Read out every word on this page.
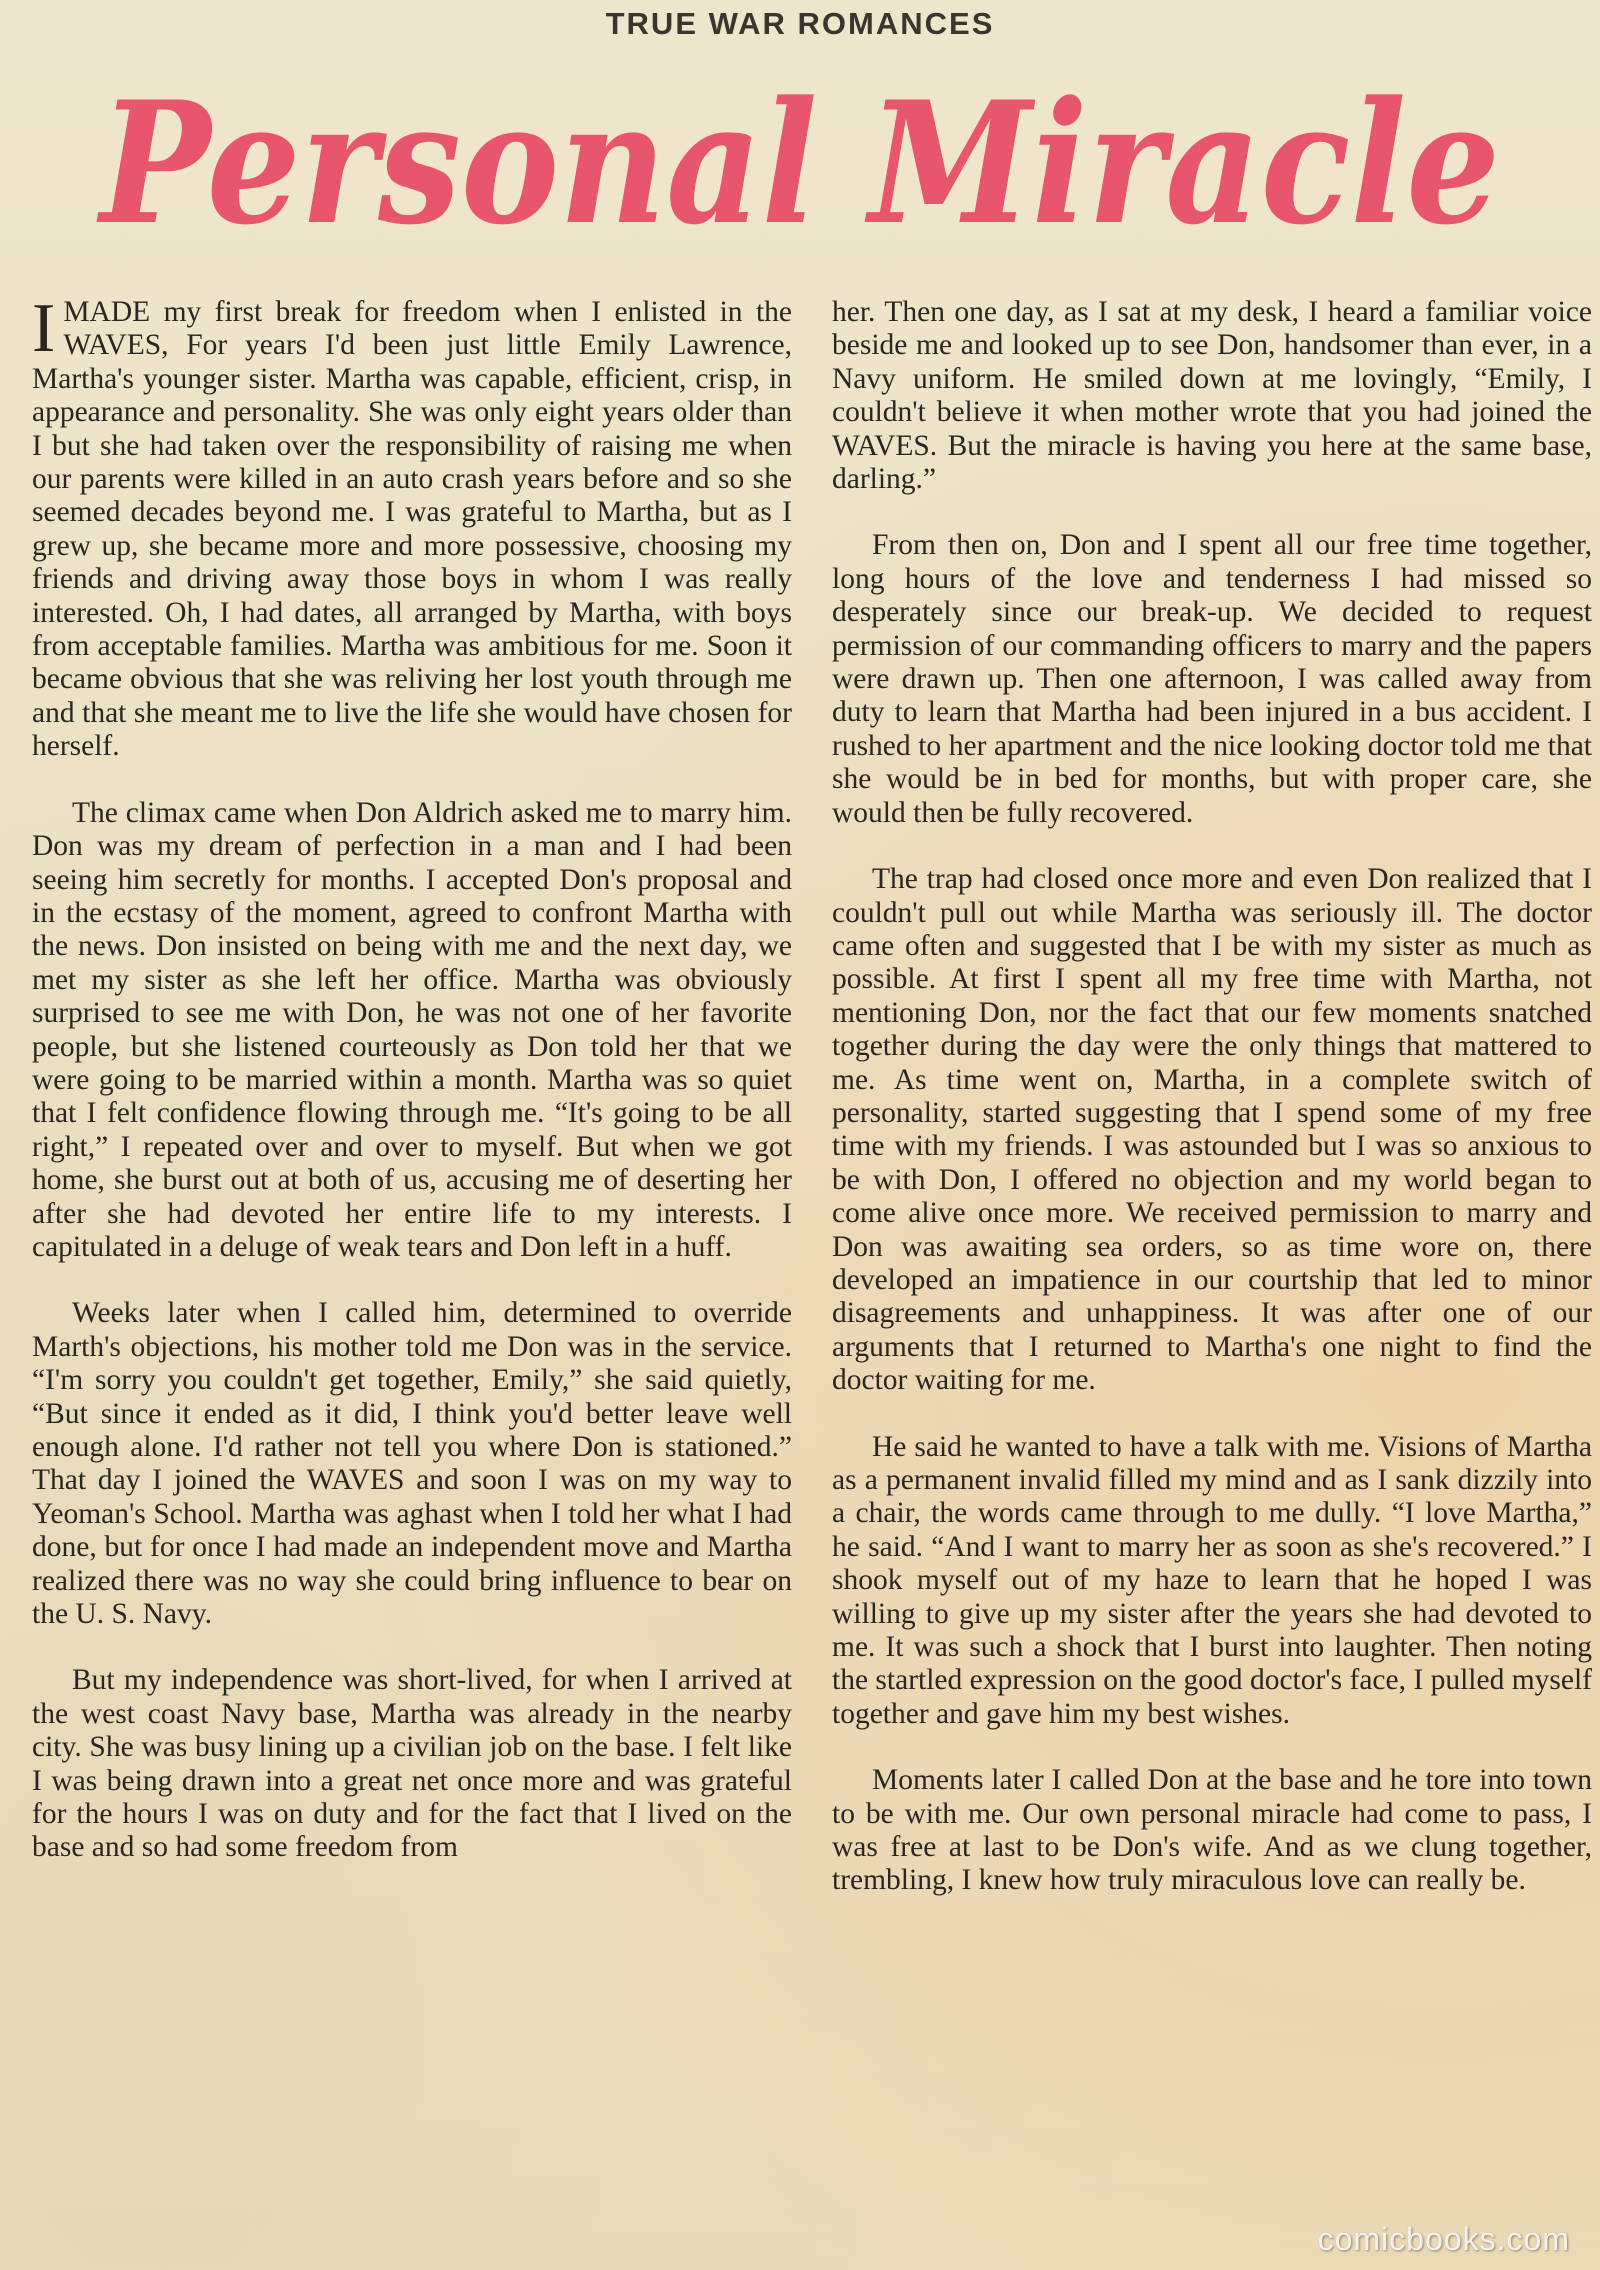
TRUE WAR ROMANCES
Personal Miracle

I MADE my first break for freedom when I enlisted in the WAVES, For years I'd been just little Emily Lawrence, Martha's younger sister. Martha was capable, efficient, crisp, in appearance and personality. She was only eight years older than I but she had taken over the responsibility of raising me when our parents were killed in an auto crash years before and so she seemed decades beyond me. I was grateful to Martha, but as I grew up, she became more and more possessive, choosing my friends and driving away those boys in whom I was really interested. Oh, I had dates, all arranged by Martha, with boys from acceptable families. Martha was ambitious for me. Soon it became obvious that she was reliving her lost youth through me and that she meant me to live the life she would have chosen for herself.

The climax came when Don Aldrich asked me to marry him. Don was my dream of perfection in a man and I had been seeing him secretly for months. I accepted Don's proposal and in the ecstasy of the moment, agreed to confront Martha with the news. Don insisted on being with me and the next day, we met my sister as she left her office. Martha was obviously surprised to see me with Don, he was not one of her favorite people, but she listened courteously as Don told her that we were going to be married within a month. Martha was so quiet that I felt confidence flowing through me. “It's going to be all right,” I repeated over and over to myself. But when we got home, she burst out at both of us, accusing me of deserting her after she had devoted her entire life to my interests. I capitulated in a deluge of weak tears and Don left in a huff.

Weeks later when I called him, determined to override Marth's objections, his mother told me Don was in the service. “I'm sorry you couldn't get together, Emily,” she said quietly, “But since it ended as it did, I think you'd better leave well enough alone. I'd rather not tell you where Don is stationed.” That day I joined the WAVES and soon I was on my way to Yeoman's School. Martha was aghast when I told her what I had done, but for once I had made an independent move and Martha realized there was no way she could bring influence to bear on the U. S. Navy.

But my independence was short-lived, for when I arrived at the west coast Navy base, Martha was already in the nearby city. She was busy lining up a civilian job on the base. I felt like I was being drawn into a great net once more and was grateful for the hours I was on duty and for the fact that I lived on the base and so had some freedom from

her. Then one day, as I sat at my desk, I heard a familiar voice beside me and looked up to see Don, handsomer than ever, in a Navy uniform. He smiled down at me lovingly, “Emily, I couldn't believe it when mother wrote that you had joined the WAVES. But the miracle is having you here at the same base, darling.”

From then on, Don and I spent all our free time together, long hours of the love and tenderness I had missed so desperately since our break-up. We decided to request permission of our commanding officers to marry and the papers were drawn up. Then one afternoon, I was called away from duty to learn that Martha had been injured in a bus accident. I rushed to her apartment and the nice looking doctor told me that she would be in bed for months, but with proper care, she would then be fully recovered.

The trap had closed once more and even Don realized that I couldn't pull out while Martha was seriously ill. The doctor came often and suggested that I be with my sister as much as possible. At first I spent all my free time with Martha, not mentioning Don, nor the fact that our few moments snatched together during the day were the only things that mattered to me. As time went on, Martha, in a complete switch of personality, started suggesting that I spend some of my free time with my friends. I was astounded but I was so anxious to be with Don, I offered no objection and my world began to come alive once more. We received permission to marry and Don was awaiting sea orders, so as time wore on, there developed an impatience in our courtship that led to minor disagreements and unhappiness. It was after one of our arguments that I returned to Martha's one night to find the doctor waiting for me.

He said he wanted to have a talk with me. Visions of Martha as a permanent invalid filled my mind and as I sank dizzily into a chair, the words came through to me dully. “I love Martha,” he said. “And I want to marry her as soon as she's recovered.” I shook myself out of my haze to learn that he hoped I was willing to give up my sister after the years she had devoted to me. It was such a shock that I burst into laughter. Then noting the startled expression on the good doctor's face, I pulled myself together and gave him my best wishes.

Moments later I called Don at the base and he tore into town to be with me. Our own personal miracle had come to pass, I was free at last to be Don's wife. And as we clung together, trembling, I knew how truly miraculous love can really be.

comicbooks.com
